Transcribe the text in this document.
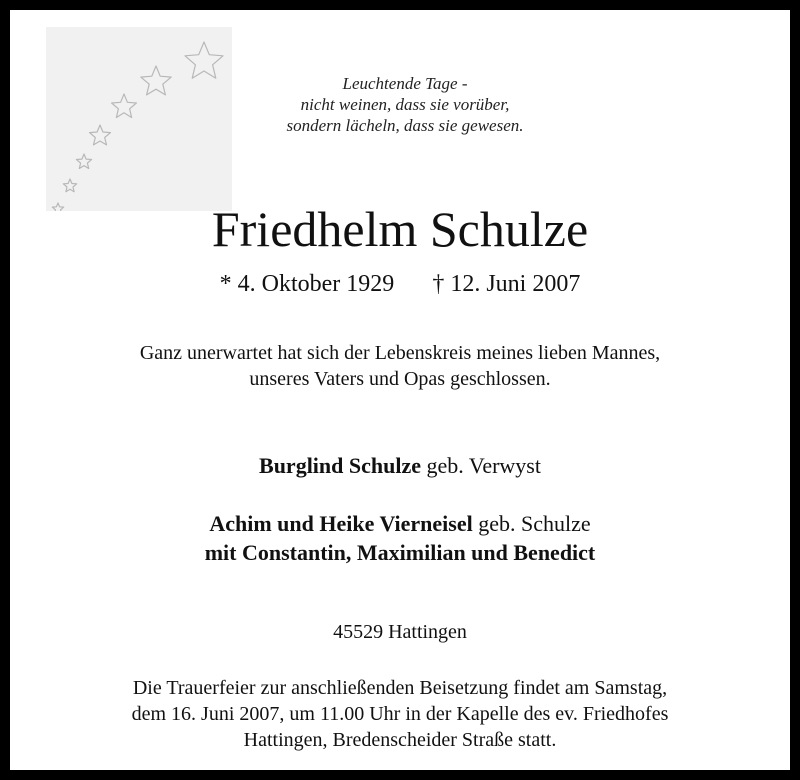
Leuchtende Tage -
nicht weinen, dass sie vorüber,
sondern lächeln, dass sie gewesen.
Friedhelm Schulze
* 4. Oktober 1929 † 12. Juni 2007
Ganz unerwartet hat sich der Lebenskreis meines lieben Mannes,
unseres Vaters und Opas geschlossen.
Burglind Schulze geb. Verwyst
Achim und Heike Vierneisel geb. Schulze
mit Constantin, Maximilian und Benedict
45529 Hattingen
Die Trauerfeier zur anschließenden Beisetzung findet am Samstag,
dem 16. Juni 2007, um 11.00 Uhr in der Kapelle des ev. Friedhofes
Hattingen, Bredenscheider Straße statt.
